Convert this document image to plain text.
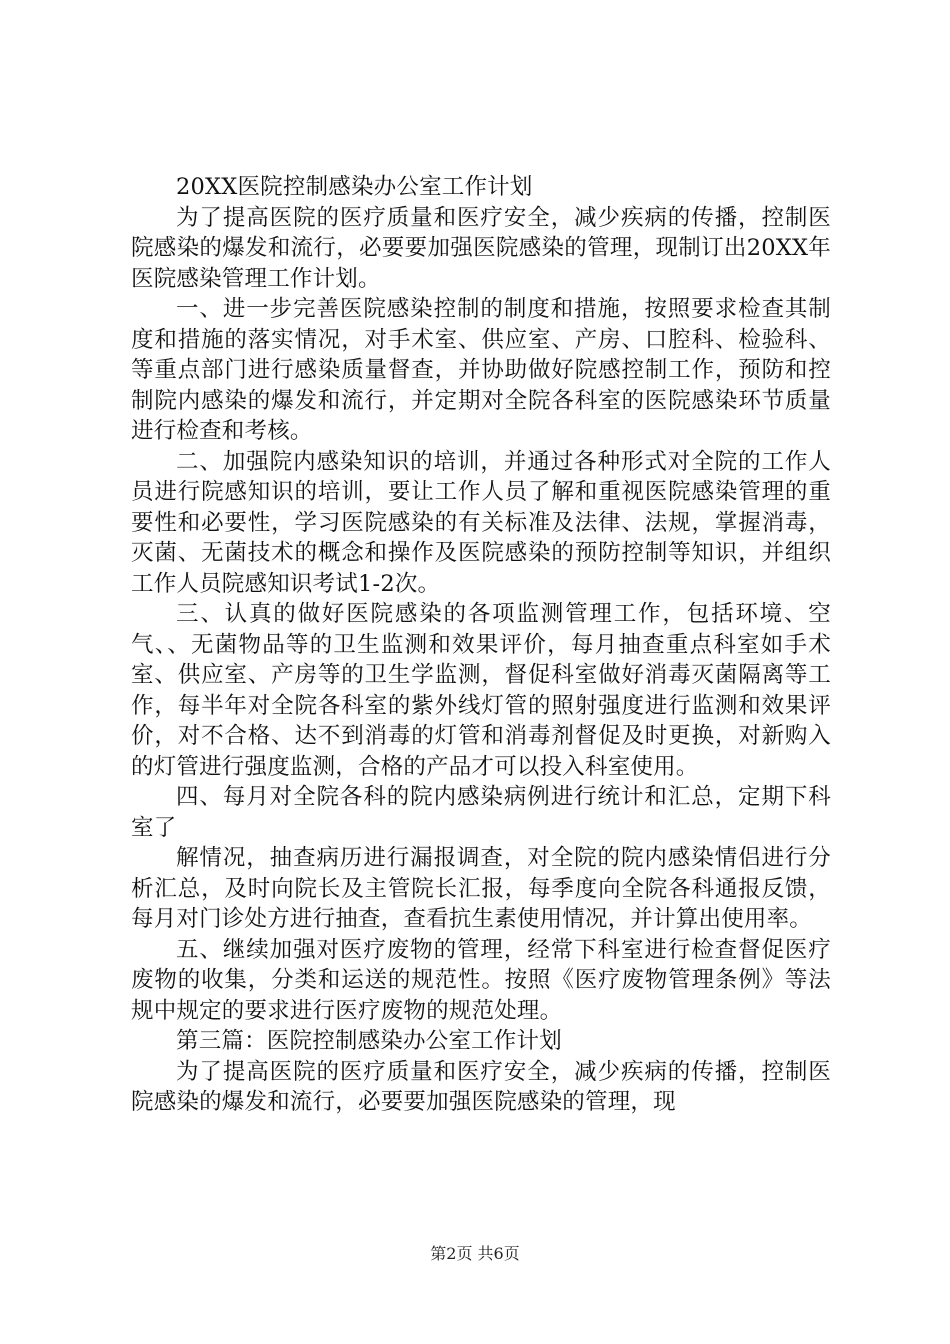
20XX医院控制感染办公室工作计划

为了提高医院的医疗质量和医疗安全，减少疾病的传播，控制医院感染的爆发和流行，必要要加强医院感染的管理，现制订出20XX年医院感染管理工作计划。

一、进一步完善医院感染控制的制度和措施，按照要求检查其制度和措施的落实情况，对手术室、供应室、产房、口腔科、检验科、等重点部门进行感染质量督查，并协助做好院感控制工作，预防和控制院内感染的爆发和流行，并定期对全院各科室的医院感染环节质量进行检查和考核。

二、加强院内感染知识的培训，并通过各种形式对全院的工作人员进行院感知识的培训，要让工作人员了解和重视医院感染管理的重要性和必要性，学习医院感染的有关标准及法律、法规，掌握消毒，灭菌、无菌技术的概念和操作及医院感染的预防控制等知识，并组织工作人员院感知识考试1-2次。

三、认真的做好医院感染的各项监测管理工作，包括环境、空气、、无菌物品等的卫生监测和效果评价，每月抽查重点科室如手术室、供应室、产房等的卫生学监测，督促科室做好消毒灭菌隔离等工作，每半年对全院各科室的紫外线灯管的照射强度进行监测和效果评价，对不合格、达不到消毒的灯管和消毒剂督促及时更换，对新购入的灯管进行强度监测，合格的产品才可以投入科室使用。

四、每月对全院各科的院内感染病例进行统计和汇总，定期下科室了

解情况，抽查病历进行漏报调查，对全院的院内感染情侣进行分析汇总，及时向院长及主管院长汇报，每季度向全院各科通报反馈，每月对门诊处方进行抽查，查看抗生素使用情况，并计算出使用率。

五、继续加强对医疗废物的管理，经常下科室进行检查督促医疗废物的收集，分类和运送的规范性。按照《医疗废物管理条例》等法规中规定的要求进行医疗废物的规范处理。

第三篇：医院控制感染办公室工作计划

为了提高医院的医疗质量和医疗安全，减少疾病的传播，控制医院感染的爆发和流行，必要要加强医院感染的管理，现

第2页 共6页
